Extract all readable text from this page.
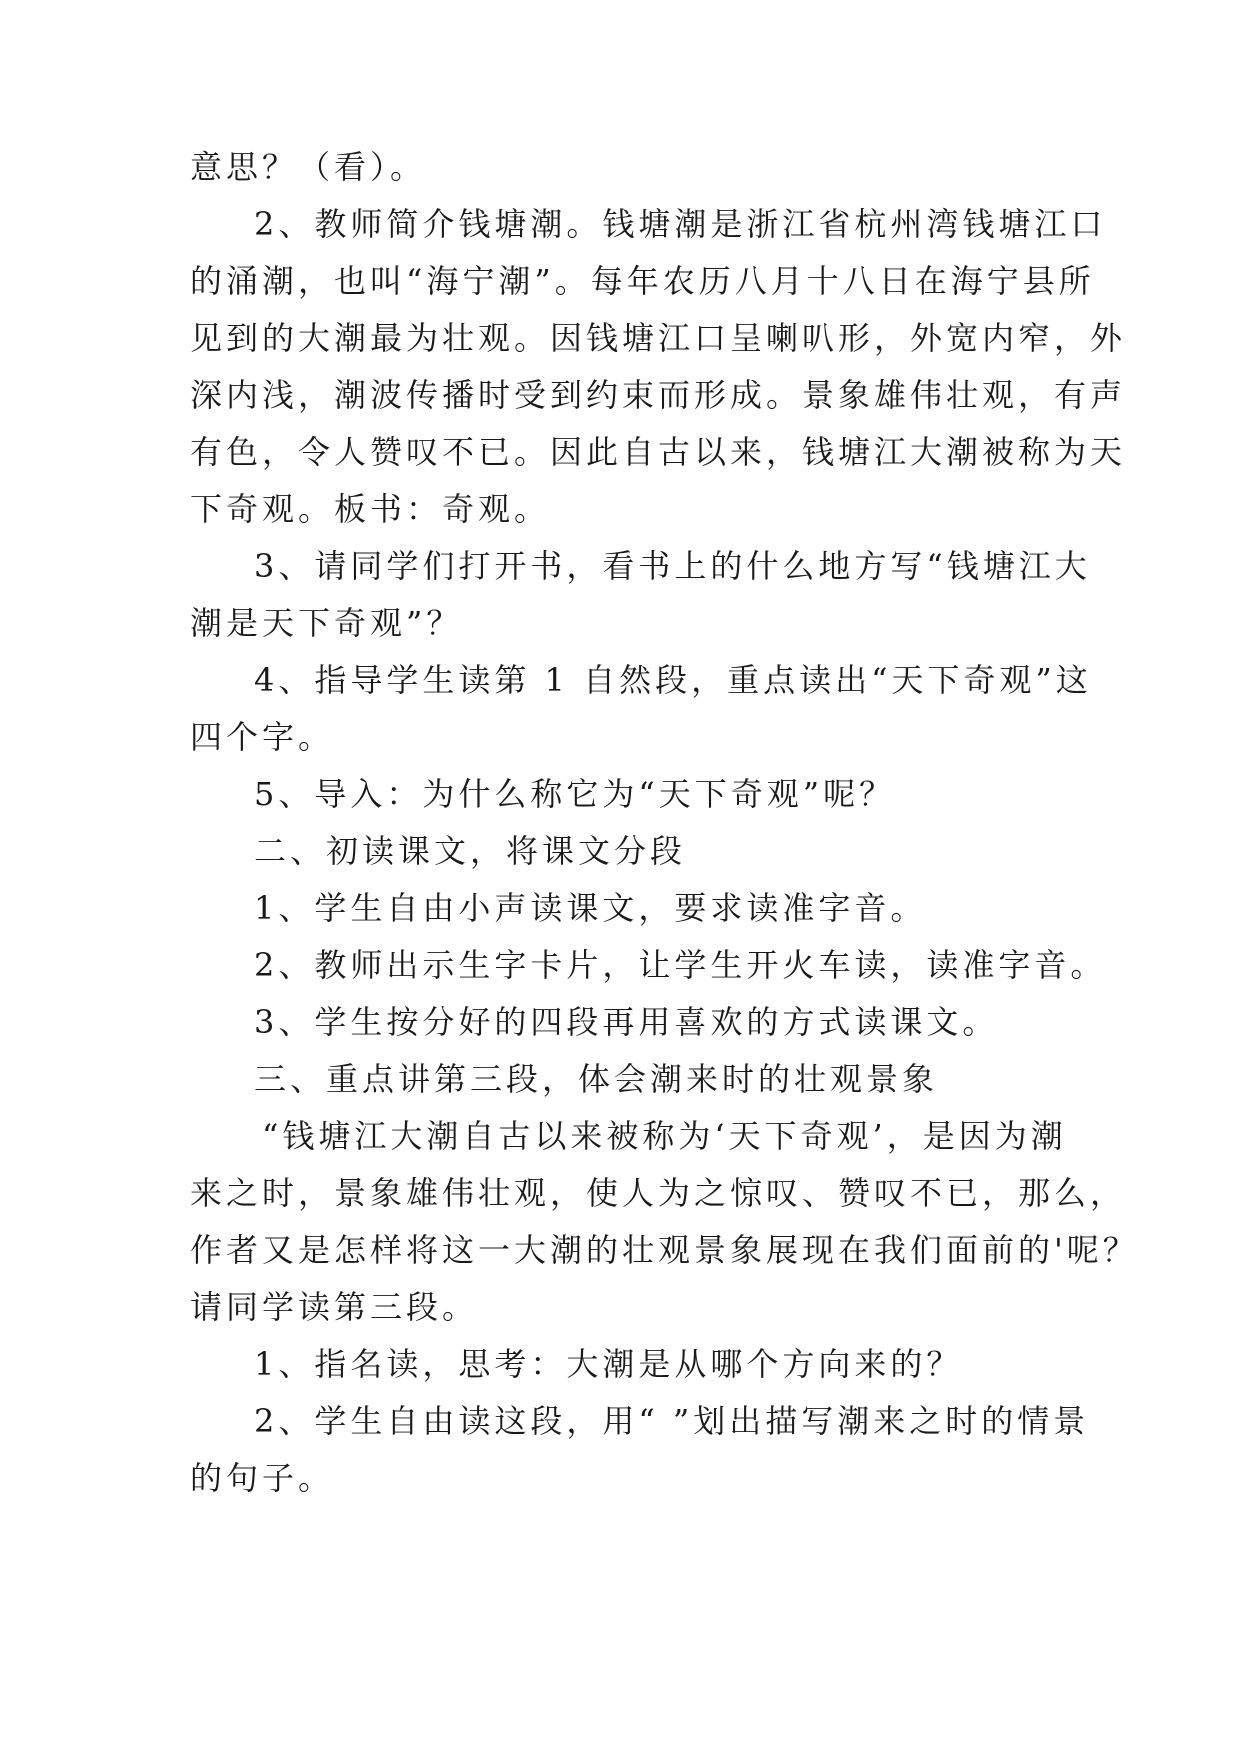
意思？（看）。
2、教师简介钱塘潮。钱塘潮是浙江省杭州湾钱塘江口
的涌潮，也叫“海宁潮”。每年农历八月十八日在海宁县所
见到的大潮最为壮观。因钱塘江口呈喇叭形，外宽内窄，外
深内浅，潮波传播时受到约束而形成。景象雄伟壮观，有声
有色，令人赞叹不已。因此自古以来，钱塘江大潮被称为天
下奇观。板书：奇观。
3、请同学们打开书，看书上的什么地方写“钱塘江大
潮是天下奇观”？
4、指导学生读第 1 自然段，重点读出“天下奇观”这
四个字。
5、导入：为什么称它为“天下奇观”呢？
二、初读课文，将课文分段
1、学生自由小声读课文，要求读准字音。
2、教师出示生字卡片，让学生开火车读，读准字音。
3、学生按分好的四段再用喜欢的方式读课文。
三、重点讲第三段，体会潮来时的壮观景象
“钱塘江大潮自古以来被称为‘天下奇观’，是因为潮
来之时，景象雄伟壮观，使人为之惊叹、赞叹不已，那么，
作者又是怎样将这一大潮的壮观景象展现在我们面前的'呢？
请同学读第三段。
1、指名读，思考：大潮是从哪个方向来的？
2、学生自由读这段，用“ ”划出描写潮来之时的情景
的句子。
